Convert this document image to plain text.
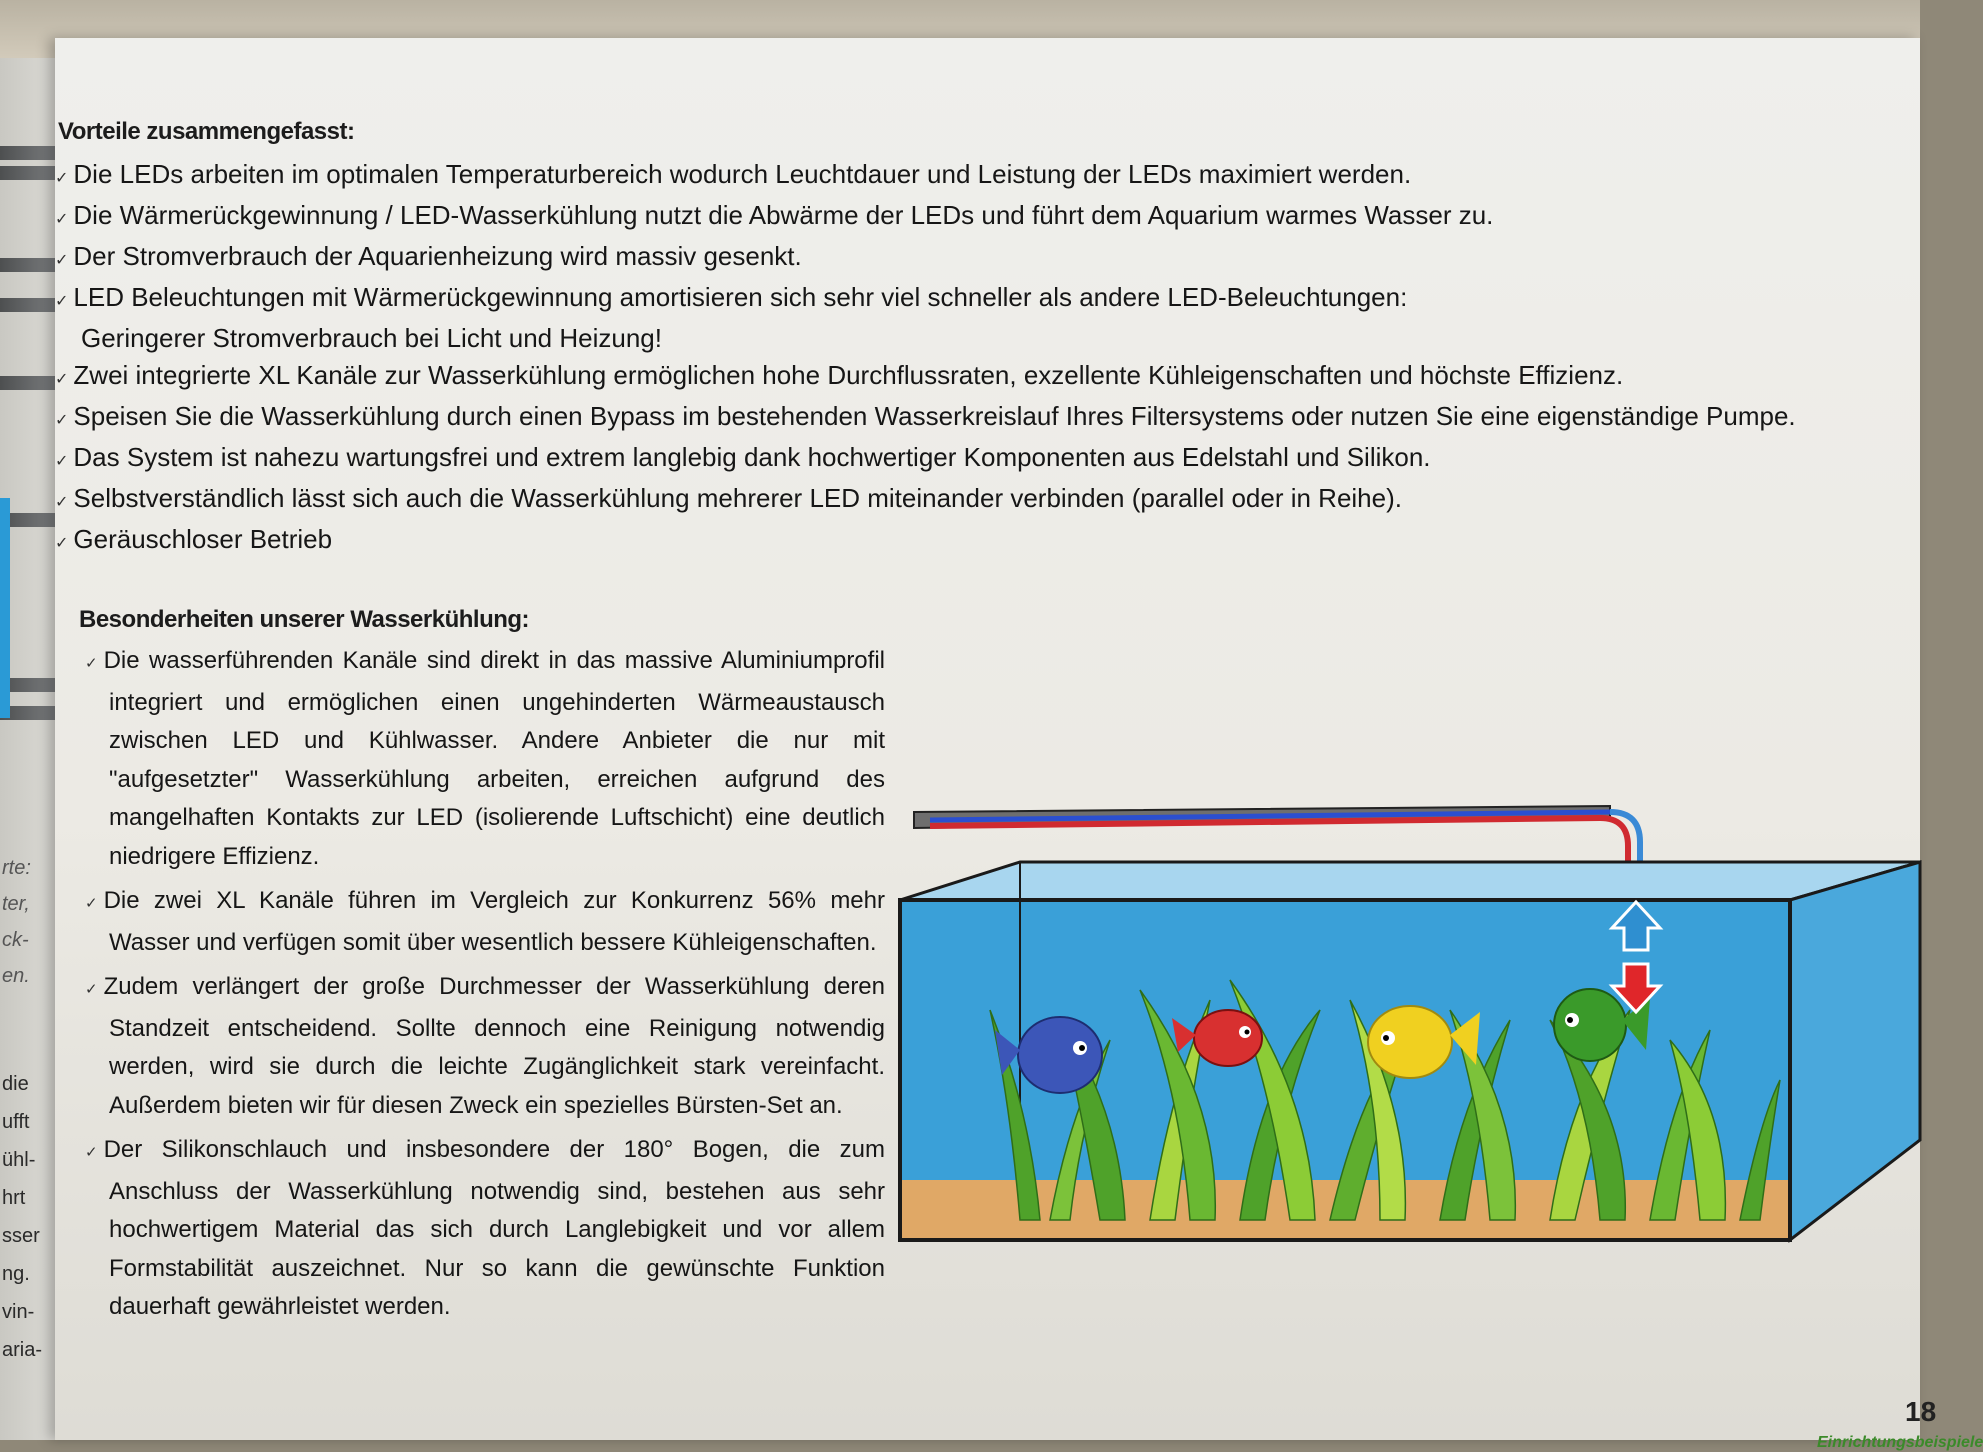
rte:
ter,
ck-
en.
die
ufft
ühl-
hrt
sser
ng.
vin-
aria-
Vorteile zusammengefasst:
✓ Die LEDs arbeiten im optimalen Temperaturbereich wodurch Leuchtdauer und Leistung der LEDs maximiert werden.
✓ Die Wärmerückgewinnung / LED-Wasserkühlung nutzt die Abwärme der LEDs und führt dem Aquarium warmes Wasser zu.
✓ Der Stromverbrauch der Aquarienheizung wird massiv gesenkt.
✓ LED Beleuchtungen mit Wärmerückgewinnung amortisieren sich sehr viel schneller als andere LED-Beleuchtungen:
Geringerer Stromverbrauch bei Licht und Heizung!
✓ Zwei integrierte XL Kanäle zur Wasserkühlung ermöglichen hohe Durchflussraten, exzellente Kühleigenschaften und höchste Effizienz.
✓ Speisen Sie die Wasserkühlung durch einen Bypass im bestehenden Wasserkreislauf Ihres Filtersystems oder nutzen Sie eine eigenständige Pumpe.
✓ Das System ist nahezu wartungsfrei und extrem langlebig dank hochwertiger Komponenten aus Edelstahl und Silikon.
✓ Selbstverständlich lässt sich auch die Wasserkühlung mehrerer LED miteinander verbinden (parallel oder in Reihe).
✓ Geräuschloser Betrieb
Besonderheiten unserer Wasserkühlung:
✓ Die wasserführenden Kanäle sind direkt in das massive Aluminiumprofil integriert und ermöglichen einen ungehinderten Wärmeaustausch zwischen LED und Kühlwasser. Andere Anbieter die nur mit "aufgesetzter" Wasserkühlung arbeiten, erreichen aufgrund des mangelhaften Kontakts zur LED (isolierende Luftschicht) eine deutlich niedrigere Effizienz.
✓ Die zwei XL Kanäle führen im Vergleich zur Konkurrenz 56% mehr Wasser und verfügen somit über wesentlich bessere Kühleigenschaften.
✓ Zudem verlängert der große Durchmesser der Wasserkühlung deren Standzeit entscheidend. Sollte dennoch eine Reinigung notwendig werden, wird sie durch die leichte Zugänglichkeit stark vereinfacht. Außerdem bieten wir für diesen Zweck ein spezielles Bürsten-Set an.
✓ Der Silikonschlauch und insbesondere der 180° Bogen, die zum Anschluss der Wasserkühlung notwendig sind, bestehen aus sehr hochwertigem Material das sich durch Langlebigkeit und vor allem Formstabilität auszeichnet. Nur so kann die gewünschte Funktion dauerhaft gewährleistet werden.
18
Einrichtungsbeispiele
